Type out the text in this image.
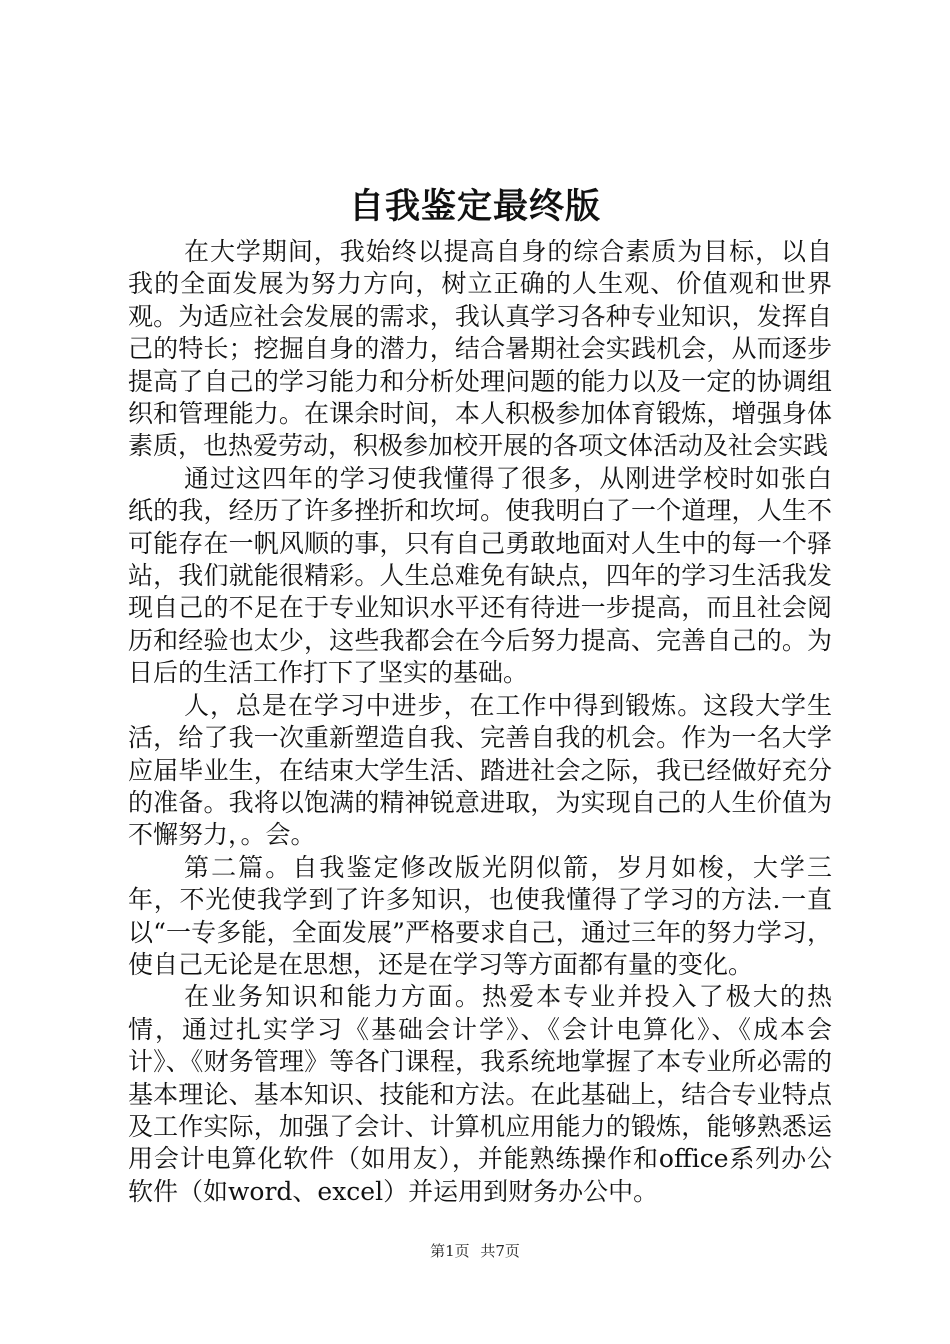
自我鉴定最终版

在大学期间，我始终以提高自身的综合素质为目标，以自我的全面发展为努力方向，树立正确的人生观、价值观和世界观。为适应社会发展的需求，我认真学习各种专业知识，发挥自己的特长；挖掘自身的潜力，结合暑期社会实践机会，从而逐步提高了自己的学习能力和分析处理问题的能力以及一定的协调组织和管理能力。在课余时间，本人积极参加体育锻炼，增强身体素质，也热爱劳动，积极参加校开展的各项文体活动及社会实践

通过这四年的学习使我懂得了很多，从刚进学校时如张白纸的我，经历了许多挫折和坎坷。使我明白了一个道理，人生不可能存在一帆风顺的事，只有自己勇敢地面对人生中的每一个驿站，我们就能很精彩。人生总难免有缺点，四年的学习生活我发现自己的不足在于专业知识水平还有待进一步提高，而且社会阅历和经验也太少，这些我都会在今后努力提高、完善自己的。为日后的生活工作打下了坚实的基础。

人，总是在学习中进步，在工作中得到锻炼。这段大学生活，给了我一次重新塑造自我、完善自我的机会。作为一名大学应届毕业生，在结束大学生活、踏进社会之际，我已经做好充分的准备。我将以饱满的精神锐意进取，为实现自己的人生价值为不懈努力，。会。

第二篇。自我鉴定修改版光阴似箭，岁月如梭，大学三年，不光使我学到了许多知识，也使我懂得了学习的方法.一直以“一专多能，全面发展”严格要求自己，通过三年的努力学习，使自己无论是在思想，还是在学习等方面都有量的变化。

在业务知识和能力方面。热爱本专业并投入了极大的热情，通过扎实学习《基础会计学》、《会计电算化》、《成本会计》、《财务管理》等各门课程，我系统地掌握了本专业所必需的基本理论、基本知识、技能和方法。在此基础上，结合专业特点及工作实际，加强了会计、计算机应用能力的锻炼，能够熟悉运用会计电算化软件（如用友），并能熟练操作和office系列办公软件（如word、excel）并运用到财务办公中。

第1页 共7页
